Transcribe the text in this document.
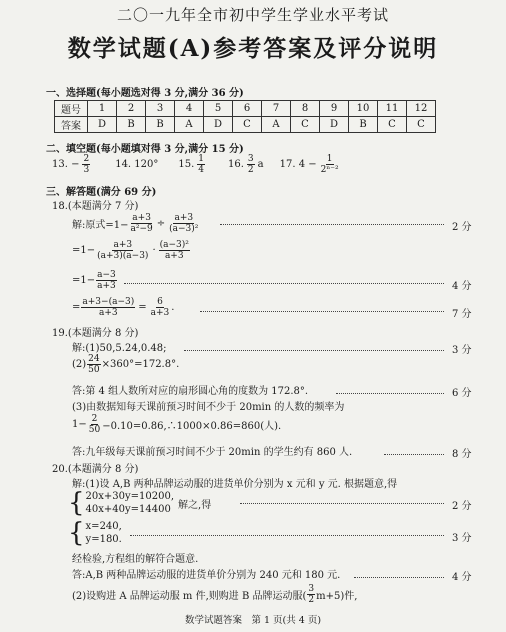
二〇一九年全市初中学生学业水平考试
数学试题(A)参考答案及评分说明
一、选择题(每小题选对得 3 分,满分 36 分)
题号	1	2	3	4	5	6	7	8	9	10	11	12
答案	D	B	B	A	D	C	A	C	D	B	C	C
二、填空题(每小题填对得 3 分,满分 15 分)
13. − $\frac{2}{3}$	14. 120° 15. $\frac{1}{4} 16$. $\frac{3}{2}$ a 17. $4 - \frac{1}{\text{2ⁿ⁻²}}$
三、解答题(满分 69 分)
18.(本题满分 7 分)
解:原式$=1- \frac{a+3}{\text{a²−9}} \div \frac{a+3}{\text{(a−3)²}}$	2 分
$=1- \frac{a+3}{(a+3)(a-3)} \cdot \frac{\text{(a−3)²}}{a+3}$
$=1- \frac{a-3}{a+3}$	4 分
= $\frac{a+3-(a-3)}{a+3} = \frac{6}{a+3}$ .
7 分
19.(本题满分 8 分)
解:(1)50,5.24,0.48;	3 分
$(2) \frac{24}{50} \times 360^\circ=172.8^\circ$.
答:第 4 组人数所对应的扇形圆心角的度数为 172.8°.	6 分
(3)由数据知每天课前预习时间不少于 20min 的人数的频率为
$1- \frac{2}{50}$ −0.10=0.86,∴1000×0.86=860(人).
答:九年级每天课前预习时间不少于 20min 的学生约有 860 人.	8 分
20.(本题满分 8 分)
解:(1)设 A,B 两种品牌运动服的进货单价分别为 x 元和 y 元. 根据题意,得
{ 20x+30y=10200,
40x+40y=14400 解之,得	2 分
{ x=240,
y=180.	3 分
经检验,方程组的解符合题意.
答:A,B 两种品牌运动服的进货单价分别为 240 元和 180 元.	4 分
(2)设购进 A 品牌运动服 m 件,则购进 B 品牌运动服( $\frac{3}{2} m+5$)件,
数学试题答案　第 1 页(共 4 页)
